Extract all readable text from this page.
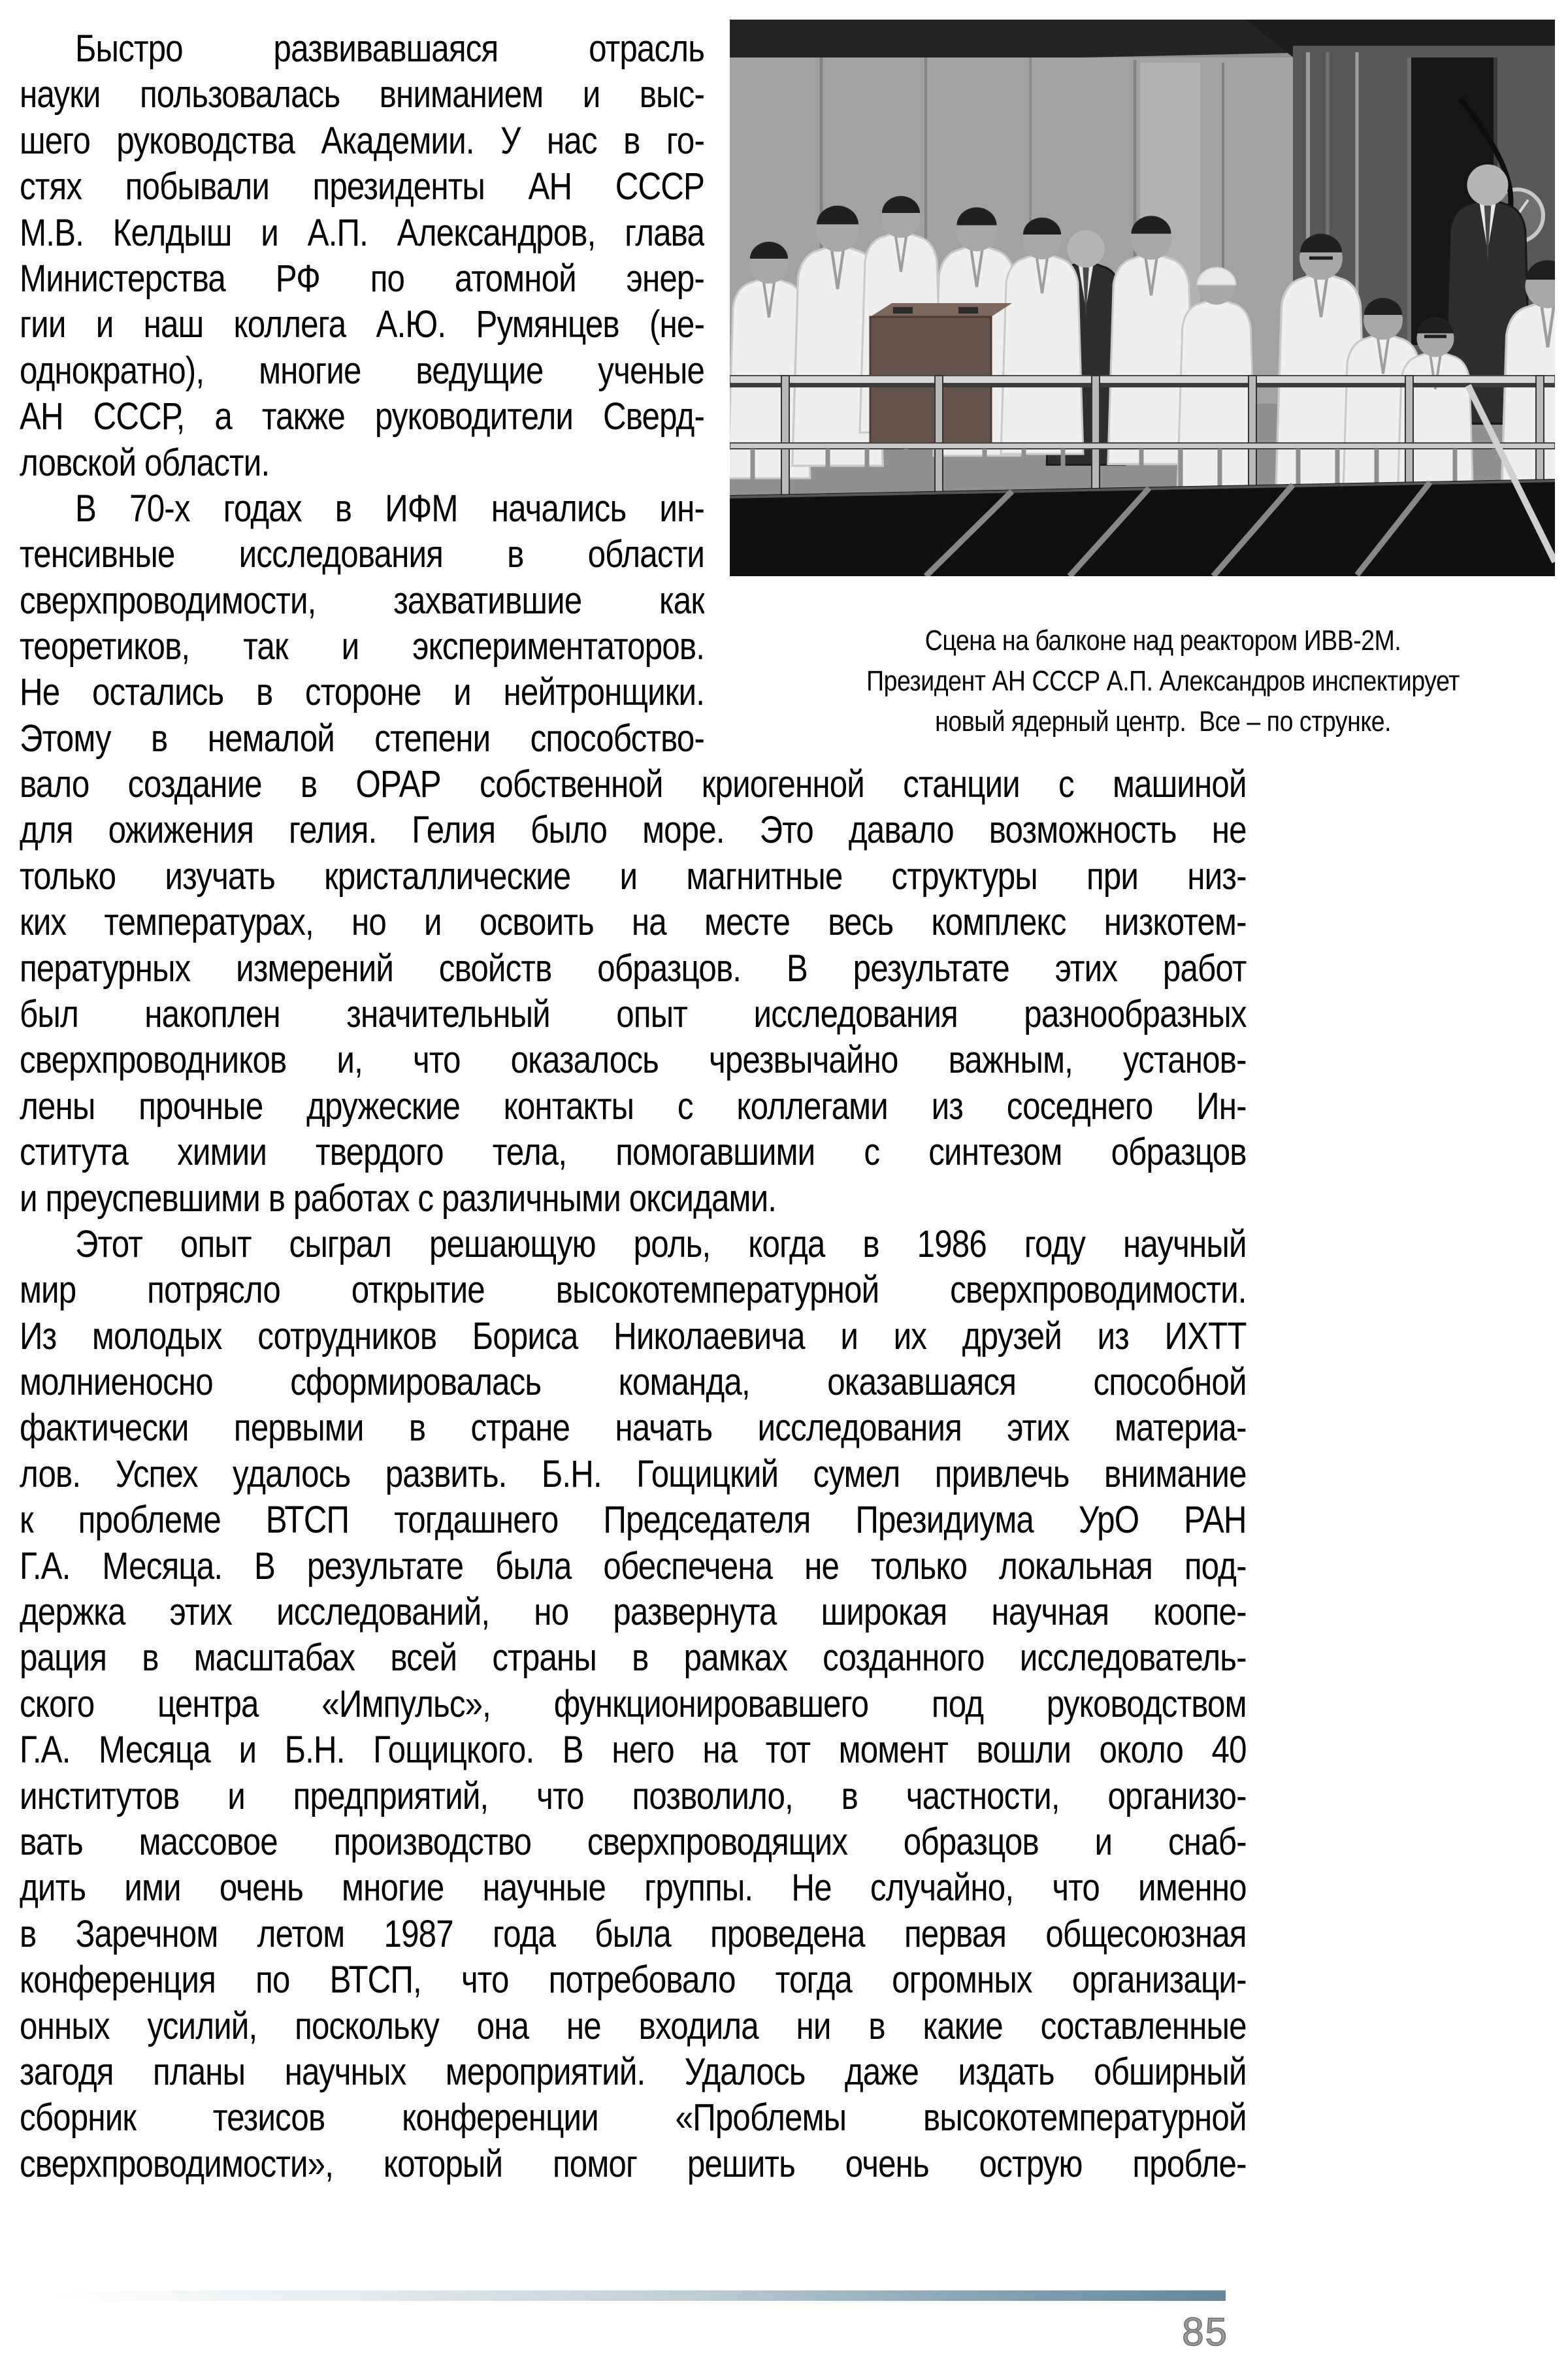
Быстро развивавшаяся отрасль
науки пользовалась вниманием и выс-
шего руководства Академии. У нас в го-
стях побывали президенты АН СССР
М.В. Келдыш и А.П. Александров, глава
Министерства РФ по атомной энер-
гии и наш коллега А.Ю. Румянцев (не-
однократно), многие ведущие ученые
АН СССР, а также руководители Сверд-
ловской области.
В 70-х годах в ИФМ начались ин-
тенсивные исследования в области
сверхпроводимости, захватившие как
теоретиков, так и экспериментаторов.
Не остались в стороне и нейтронщики.
Этому в немалой степени способство-
Сцена на балконе над реактором ИВВ-2М.
Президент АН СССР А.П. Александров инспектирует
новый ядерный центр.  Все – по струнке.
вало создание в ОРАР собственной криогенной станции с машиной
для ожижения гелия. Гелия было море. Это давало возможность не
только изучать кристаллические и магнитные структуры при низ-
ких температурах, но и освоить на месте весь комплекс низкотем-
пературных измерений свойств образцов. В результате этих работ
был накоплен значительный опыт исследования разнообразных
сверхпроводников и, что оказалось чрезвычайно важным, установ-
лены прочные дружеские контакты с коллегами из соседнего Ин-
ститута химии твердого тела, помогавшими с синтезом образцов
и преуспевшими в работах с различными оксидами.
Этот опыт сыграл решающую роль, когда в 1986 году научный
мир потрясло открытие высокотемпературной сверхпроводимости.
Из молодых сотрудников Бориса Николаевича и их друзей из ИХТТ
молниеносно сформировалась команда, оказавшаяся способной
фактически первыми в стране начать исследования этих материа-
лов. Успех удалось развить. Б.Н. Гощицкий сумел привлечь внимание
к проблеме ВТСП тогдашнего Председателя Президиума УрО РАН
Г.А. Месяца. В результате была обеспечена не только локальная под-
держка этих исследований, но развернута широкая научная коопе-
рация в масштабах всей страны в рамках созданного исследователь-
ского центра «Импульс», функционировавшего под руководством
Г.А. Месяца и Б.Н. Гощицкого. В него на тот момент вошли около 40
институтов и предприятий, что позволило, в частности, организо-
вать массовое производство сверхпроводящих образцов и снаб-
дить ими очень многие научные группы. Не случайно, что именно
в Заречном летом 1987 года была проведена первая общесоюзная
конференция по ВТСП, что потребовало тогда огромных организаци-
онных усилий, поскольку она не входила ни в какие составленные
загодя планы научных мероприятий. Удалось даже издать обширный
сборник тезисов конференции «Проблемы высокотемпературной
сверхпроводимости», который помог решить очень острую пробле-
85
